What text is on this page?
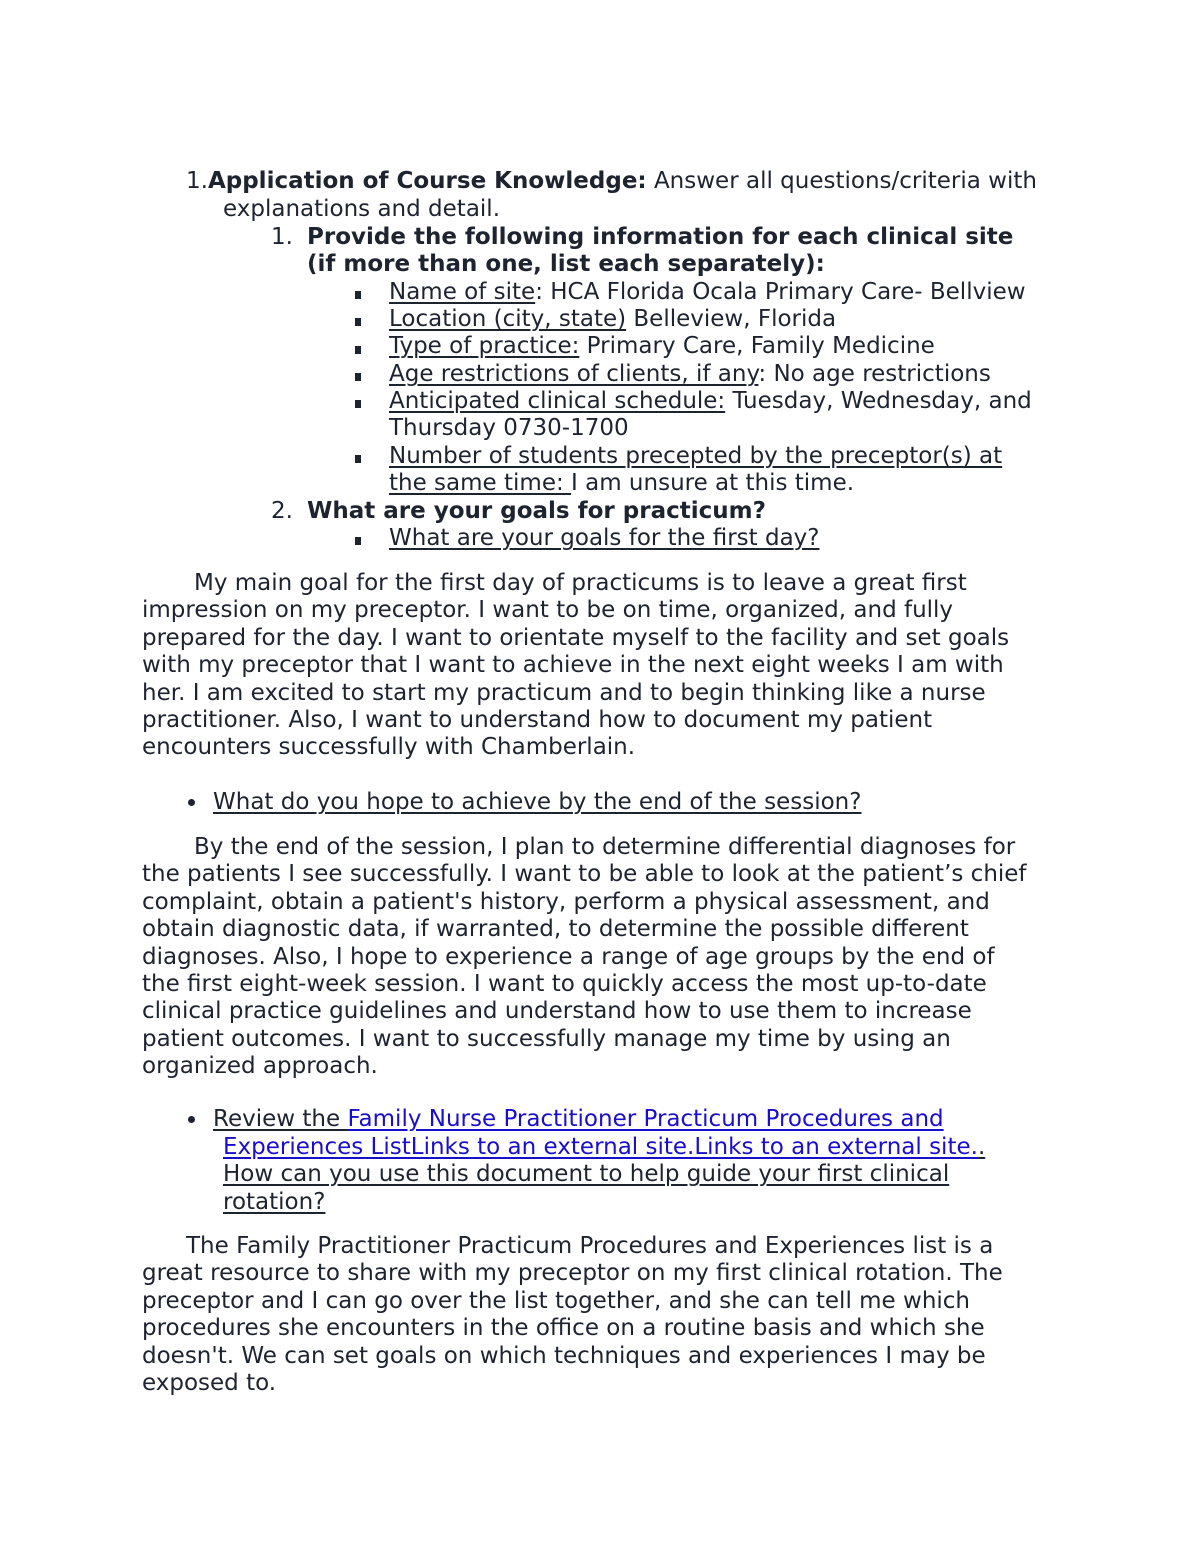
1.Application of Course Knowledge: Answer all questions/criteria with
explanations and detail.
1. Provide the following information for each clinical site
(if more than one, list each separately):
Name of site: HCA Florida Ocala Primary Care- Bellview
Location (city, state) Belleview, Florida
Type of practice: Primary Care, Family Medicine
Age restrictions of clients, if any: No age restrictions
Anticipated clinical schedule: Tuesday, Wednesday, and
Thursday 0730-1700
Number of students precepted by the preceptor(s) at
the same time: I am unsure at this time.
2. What are your goals for practicum?
What are your goals for the first day?
My main goal for the first day of practicums is to leave a great first
impression on my preceptor. I want to be on time, organized, and fully
prepared for the day. I want to orientate myself to the facility and set goals
with my preceptor that I want to achieve in the next eight weeks I am with
her. I am excited to start my practicum and to begin thinking like a nurse
practitioner. Also, I want to understand how to document my patient
encounters successfully with Chamberlain.
What do you hope to achieve by the end of the session?
By the end of the session, I plan to determine differential diagnoses for
the patients I see successfully. I want to be able to look at the patient’s chief
complaint, obtain a patient's history, perform a physical assessment, and
obtain diagnostic data, if warranted, to determine the possible different
diagnoses. Also, I hope to experience a range of age groups by the end of
the first eight-week session. I want to quickly access the most up-to-date
clinical practice guidelines and understand how to use them to increase
patient outcomes. I want to successfully manage my time by using an
organized approach.
Review the Family Nurse Practitioner Practicum Procedures and
Experiences ListLinks to an external site.Links to an external site..
How can you use this document to help guide your first clinical
rotation?
The Family Practitioner Practicum Procedures and Experiences list is a
great resource to share with my preceptor on my first clinical rotation. The
preceptor and I can go over the list together, and she can tell me which
procedures she encounters in the office on a routine basis and which she
doesn't. We can set goals on which techniques and experiences I may be
exposed to.
